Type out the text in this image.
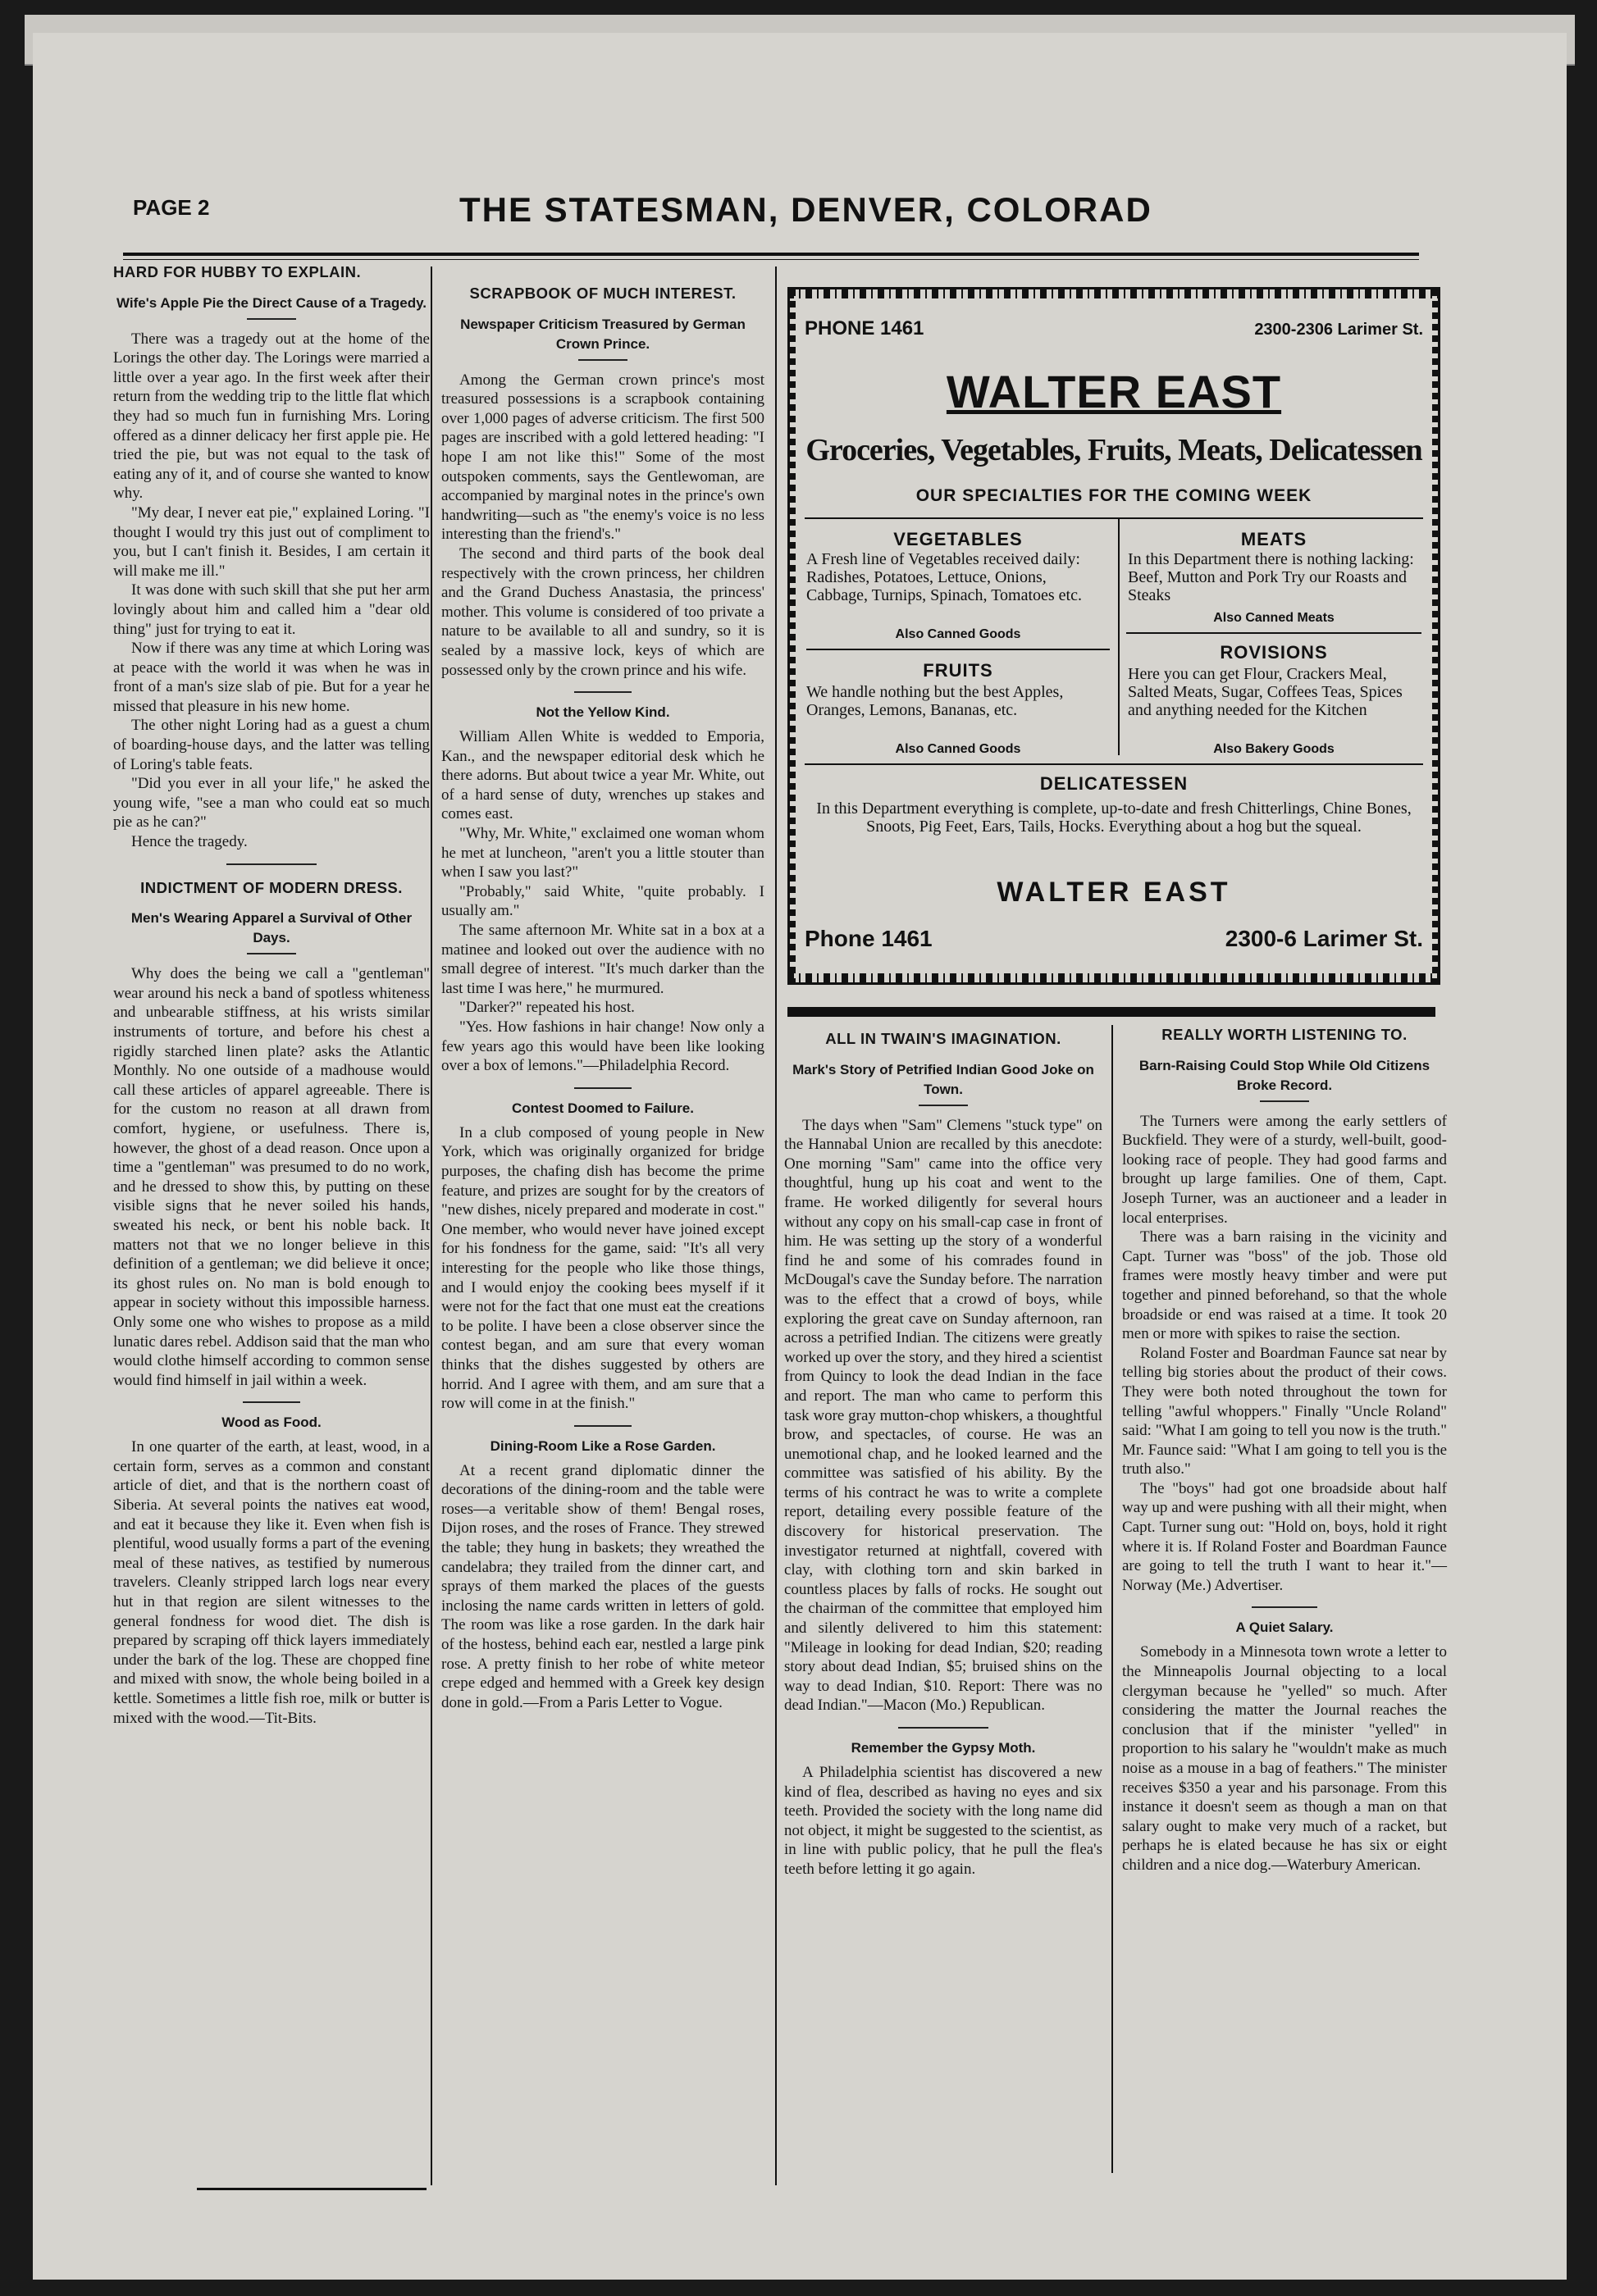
PAGE 2	THE STATESMAN, DENVER, COLORAD
HARD FOR HUBBY TO EXPLAIN.
Wife's Apple Pie the Direct Cause of a Tragedy.

There was a tragedy out at the home of the Lorings the other day. The Lorings were married a little over a year ago. In the first week after their return from the wedding trip to the little flat which they had so much fun in furnishing Mrs. Loring offered as a dinner delicacy her first apple pie. He tried the pie, but was not equal to the task of eating any of it, and of course she wanted to know why.

"My dear, I never eat pie," explained Loring. "I thought I would try this just out of compliment to you, but I can't finish it. Besides, I am certain it will make me ill."

It was done with such skill that she put her arm lovingly about him and called him a "dear old thing" just for trying to eat it.

Now if there was any time at which Loring was at peace with the world it was when he was in front of a man's size slab of pie. But for a year he missed that pleasure in his new home.

The other night Loring had as a guest a chum of boarding-house days, and the latter was telling of Loring's table feats.

"Did you ever in all your life," he asked the young wife, "see a man who could eat so much pie as he can?"

Hence the tragedy.

INDICTMENT OF MODERN DRESS.
Men's Wearing Apparel a Survival of Other Days.

Why does the being we call a "gentleman" wear around his neck a band of spotless whiteness and unbearable stiffness, at his wrists similar instruments of torture, and before his chest a rigidly starched linen plate? asks the Atlantic Monthly. No one outside of a madhouse would call these articles of apparel agreeable. There is for the custom no reason at all drawn from comfort, hygiene, or usefulness. There is, however, the ghost of a dead reason. Once upon a time a "gentleman" was presumed to do no work, and he dressed to show this, by putting on these visible signs that he never soiled his hands, sweated his neck, or bent his noble back. It matters not that we no longer believe in this definition of a gentleman; we did believe it once; its ghost rules on. No man is bold enough to appear in society without this impossible harness. Only some one who wishes to propose as a mild lunatic dares rebel. Addison said that the man who would clothe himself according to common sense would find himself in jail within a week.

Wood as Food.

In one quarter of the earth, at least, wood, in a certain form, serves as a common and constant article of diet, and that is the northern coast of Siberia. At several points the natives eat wood, and eat it because they like it. Even when fish is plentiful, wood usually forms a part of the evening meal of these natives, as testified by numerous travelers. Cleanly stripped larch logs near every hut in that region are silent witnesses to the general fondness for wood diet. The dish is prepared by scraping off thick layers immediately under the bark of the log. These are chopped fine and mixed with snow, the whole being boiled in a kettle. Sometimes a little fish roe, milk or butter is mixed with the wood.—Tit-Bits.

SCRAPBOOK OF MUCH INTEREST.
Newspaper Criticism Treasured by German Crown Prince.

Among the German crown prince's most treasured possessions is a scrapbook containing over 1,000 pages of adverse criticism. The first 500 pages are inscribed with a gold lettered heading: "I hope I am not like this!" Some of the most outspoken comments, says the Gentlewoman, are accompanied by marginal notes in the prince's own handwriting—such as "the enemy's voice is no less interesting than the friend's."

The second and third parts of the book deal respectively with the crown princess, her children and the Grand Duchess Anastasia, the princess' mother. This volume is considered of too private a nature to be available to all and sundry, so it is sealed by a massive lock, keys of which are possessed only by the crown prince and his wife.

Not the Yellow Kind.

William Allen White is wedded to Emporia, Kan., and the newspaper editorial desk which he there adorns. But about twice a year Mr. White, out of a hard sense of duty, wrenches up stakes and comes east.

"Why, Mr. White," exclaimed one woman whom he met at luncheon, "aren't you a little stouter than when I saw you last?"

"Probably," said White, "quite probably. I usually am."

The same afternoon Mr. White sat in a box at a matinee and looked out over the audience with no small degree of interest. "It's much darker than the last time I was here," he murmured.

"Darker?" repeated his host.

"Yes. How fashions in hair change! Now only a few years ago this would have been like looking over a box of lemons."—Philadelphia Record.

Contest Doomed to Failure.

In a club composed of young people in New York, which was originally organized for bridge purposes, the chafing dish has become the prime feature, and prizes are sought for by the creators of "new dishes, nicely prepared and moderate in cost." One member, who would never have joined except for his fondness for the game, said: "It's all very interesting for the people who like those things, and I would enjoy the cooking bees myself if it were not for the fact that one must eat the creations to be polite. I have been a close observer since the contest began, and am sure that every woman thinks that the dishes suggested by others are horrid. And I agree with them, and am sure that a row will come in at the finish."

Dining-Room Like a Rose Garden.

At a recent grand diplomatic dinner the decorations of the dining-room and the table were roses—a veritable show of them! Bengal roses, Dijon roses, and the roses of France. They strewed the table; they hung in baskets; they wreathed the candelabra; they trailed from the dinner cart, and sprays of them marked the places of the guests inclosing the name cards written in letters of gold. The room was like a rose garden. In the dark hair of the hostess, behind each ear, nestled a large pink rose. A pretty finish to her robe of white meteor crepe edged and hemmed with a Greek key design done in gold.—From a Paris Letter to Vogue.

PHONE 1461	2300-2306 Larimer St.
WALTER EAST
Groceries, Vegetables, Fruits, Meats, Delicatessen
OUR SPECIALTIES FOR THE COMING WEEK
VEGETABLES
A Fresh line of Vegetables received daily: Radishes, Potatoes, Lettuce, Onions, Cabbage, Turnips, Spinach, Tomatoes etc.
Also Canned Goods
FRUITS
We handle nothing but the best Apples, Oranges, Lemons, Bananas, etc.
Also Canned Goods
MEATS
In this Department there is nothing lacking: Beef, Mutton and Pork Try our Roasts and Steaks
Also Canned Meats
ROVISIONS
Here you can get Flour, Crackers Meal, Salted Meats, Sugar, Coffees Teas, Spices and anything needed for the Kitchen
Also Bakery Goods
DELICATESSEN
In this Department everything is complete, up-to-date and fresh Chitterlings, Chine Bones, Snoots, Pig Feet, Ears, Tails, Hocks. Everything about a hog but the squeal.
WALTER EAST
Phone 1461	2300-6 Larimer St.
ALL IN TWAIN'S IMAGINATION.
Mark's Story of Petrified Indian Good Joke on Town.

The days when "Sam" Clemens "stuck type" on the Hannabal Union are recalled by this anecdote: One morning "Sam" came into the office very thoughtful, hung up his coat and went to the frame. He worked diligently for several hours without any copy on his small-cap case in front of him. He was setting up the story of a wonderful find he and some of his comrades found in McDougal's cave the Sunday before. The narration was to the effect that a crowd of boys, while exploring the great cave on Sunday afternoon, ran across a petrified Indian. The citizens were greatly worked up over the story, and they hired a scientist from Quincy to look the dead Indian in the face and report. The man who came to perform this task wore gray mutton-chop whiskers, a thoughtful brow, and spectacles, of course. He was an unemotional chap, and he looked learned and the committee was satisfied of his ability. By the terms of his contract he was to write a complete report, detailing every possible feature of the discovery for historical preservation. The investigator returned at nightfall, covered with clay, with clothing torn and skin barked in countless places by falls of rocks. He sought out the chairman of the committee that employed him and silently delivered to him this statement: "Mileage in looking for dead Indian, $20; reading story about dead Indian, $5; bruised shins on the way to dead Indian, $10. Report: There was no dead Indian."—Macon (Mo.) Republican.

Remember the Gypsy Moth.

A Philadelphia scientist has discovered a new kind of flea, described as having no eyes and six teeth. Provided the society with the long name did not object, it might be suggested to the scientist, as in line with public policy, that he pull the flea's teeth before letting it go again.

REALLY WORTH LISTENING TO.
Barn-Raising Could Stop While Old Citizens Broke Record.

The Turners were among the early settlers of Buckfield. They were of a sturdy, well-built, good-looking race of people. They had good farms and brought up large families. One of them, Capt. Joseph Turner, was an auctioneer and a leader in local enterprises.

There was a barn raising in the vicinity and Capt. Turner was "boss" of the job. Those old frames were mostly heavy timber and were put together and pinned beforehand, so that the whole broadside or end was raised at a time. It took 20 men or more with spikes to raise the section.

Roland Foster and Boardman Faunce sat near by telling big stories about the product of their cows. They were both noted throughout the town for telling "awful whoppers." Finally "Uncle Roland" said: "What I am going to tell you now is the truth." Mr. Faunce said: "What I am going to tell you is the truth also."

The "boys" had got one broadside about half way up and were pushing with all their might, when Capt. Turner sung out: "Hold on, boys, hold it right where it is. If Roland Foster and Boardman Faunce are going to tell the truth I want to hear it."—Norway (Me.) Advertiser.

A Quiet Salary.

Somebody in a Minnesota town wrote a letter to the Minneapolis Journal objecting to a local clergyman because he "yelled" so much. After considering the matter the Journal reaches the conclusion that if the minister "yelled" in proportion to his salary he "wouldn't make as much noise as a mouse in a bag of feathers." The minister receives $350 a year and his parsonage. From this instance it doesn't seem as though a man on that salary ought to make very much of a racket, but perhaps he is elated because he has six or eight children and a nice dog.—Waterbury American.
